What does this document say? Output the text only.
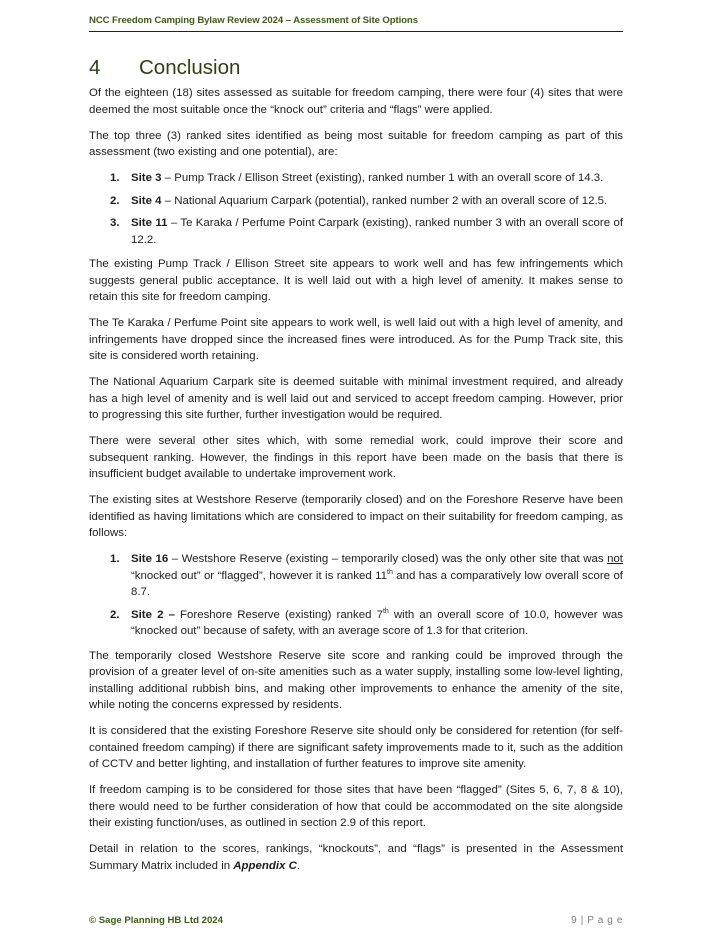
NCC Freedom Camping Bylaw Review 2024 – Assessment of Site Options
4	Conclusion

Of the eighteen (18) sites assessed as suitable for freedom camping, there were four (4) sites that were deemed the most suitable once the “knock out” criteria and “flags” were applied.

The top three (3) ranked sites identified as being most suitable for freedom camping as part of this assessment (two existing and one potential), are:

1.	Site 3 – Pump Track / Ellison Street (existing), ranked number 1 with an overall score of 14.3.
2.	Site 4 – National Aquarium Carpark (potential), ranked number 2 with an overall score of 12.5.
3.	Site 11 – Te Karaka / Perfume Point Carpark (existing), ranked number 3 with an overall score of 12.2.

The existing Pump Track / Ellison Street site appears to work well and has few infringements which suggests general public acceptance. It is well laid out with a high level of amenity. It makes sense to retain this site for freedom camping.

The Te Karaka / Perfume Point site appears to work well, is well laid out with a high level of amenity, and infringements have dropped since the increased fines were introduced. As for the Pump Track site, this site is considered worth retaining.

The National Aquarium Carpark site is deemed suitable with minimal investment required, and already has a high level of amenity and is well laid out and serviced to accept freedom camping. However, prior to progressing this site further, further investigation would be required.

There were several other sites which, with some remedial work, could improve their score and subsequent ranking. However, the findings in this report have been made on the basis that there is insufficient budget available to undertake improvement work.

The existing sites at Westshore Reserve (temporarily closed) and on the Foreshore Reserve have been identified as having limitations which are considered to impact on their suitability for freedom camping, as follows:

1.	Site 16 – Westshore Reserve (existing – temporarily closed) was the only other site that was not “knocked out” or “flagged”, however it is ranked 11th and has a comparatively low overall score of 8.7.
2.	Site 2 – Foreshore Reserve (existing) ranked 7th with an overall score of 10.0, however was “knocked out” because of safety, with an average score of 1.3 for that criterion.

The temporarily closed Westshore Reserve site score and ranking could be improved through the provision of a greater level of on-site amenities such as a water supply, installing some low-level lighting, installing additional rubbish bins, and making other improvements to enhance the amenity of the site, while noting the concerns expressed by residents.

It is considered that the existing Foreshore Reserve site should only be considered for retention (for self-contained freedom camping) if there are significant safety improvements made to it, such as the addition of CCTV and better lighting, and installation of further features to improve site amenity.

If freedom camping is to be considered for those sites that have been “flagged” (Sites 5, 6, 7, 8 & 10), there would need to be further consideration of how that could be accommodated on the site alongside their existing function/uses, as outlined in section 2.9 of this report.

Detail in relation to the scores, rankings, “knockouts”, and “flags” is presented in the Assessment Summary Matrix included in Appendix C.

© Sage Planning HB Ltd 2024	9 | P a g e
